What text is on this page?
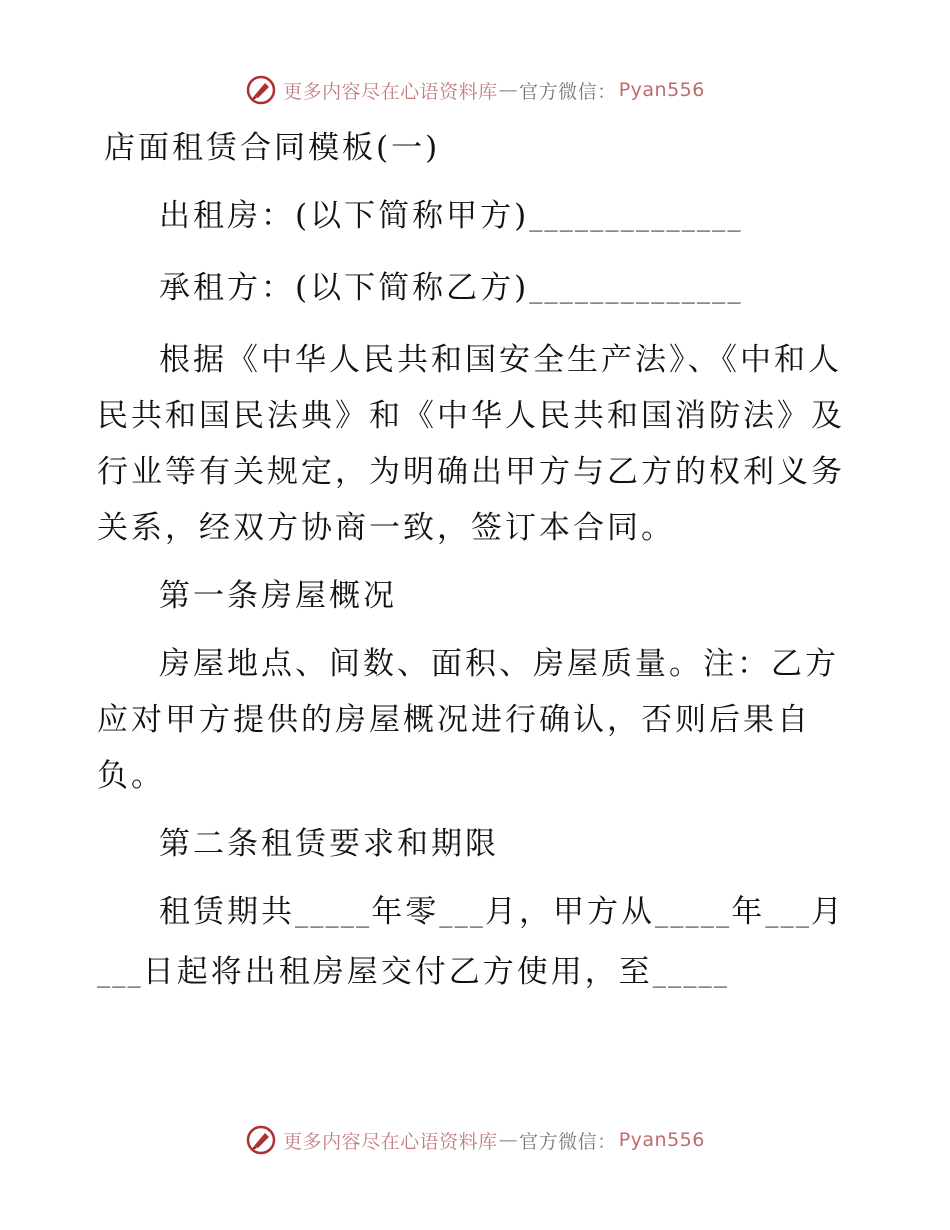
更多内容尽在心语资料库 — 官方微信： Pyan556
店面租赁合同模板(一)

出租房：(以下简称甲方)______________

承租方：(以下简称乙方)______________

根据《中华人民共和国安全生产法》、《中和人民共和国民法典》和《中华人民共和国消防法》及行业等有关规定，为明确出甲方与乙方的权利义务关系，经双方协商一致，签订本合同。

第一条房屋概况

房屋地点、间数、面积、房屋质量。注：乙方应对甲方提供的房屋概况进行确认，否则后果自负。

第二条租赁要求和期限

租赁期共_____年零___月，甲方从_____年___月___日起将出租房屋交付乙方使用，至_____

更多内容尽在心语资料库 — 官方微信： Pyan556
